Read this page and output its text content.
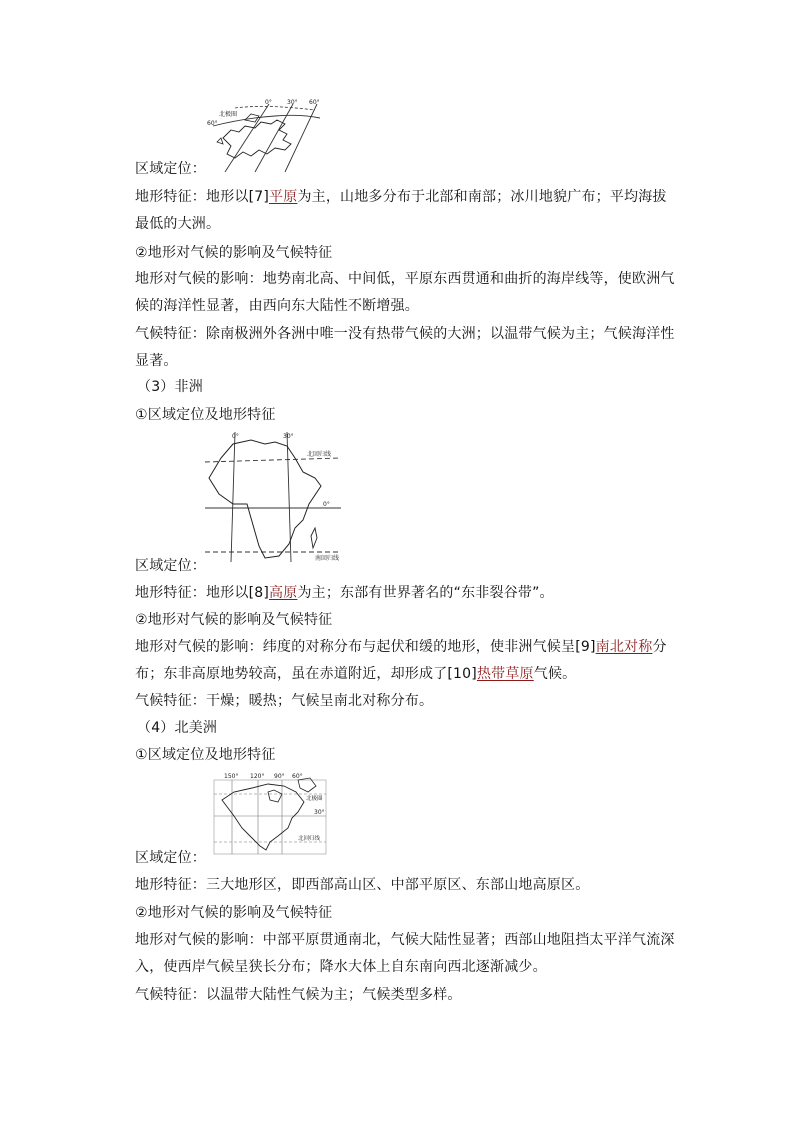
0°	30° 60°
60°
北极圈

区域定位：

地形特征：地形以[7]平原为主，山地多分布于北部和南部；冰川地貌广布；平均海拔最低的大洲。

②地形对气候的影响及气候特征

地形对气候的影响：地势南北高、中间低，平原东西贯通和曲折的海岸线等，使欧洲气候的海洋性显著，由西向东大陆性不断增强。

气候特征：除南极洲外各洲中唯一没有热带气候的大洲；以温带气候为主；气候海洋性显著。

（3）非洲

①区域定位及地形特征

0°	30°
北回归线
0°
南回归线

区域定位：

地形特征：地形以[8]高原为主；东部有世界著名的“东非裂谷带”。

②地形对气候的影响及气候特征

地形对气候的影响：纬度的对称分布与起伏和缓的地形，使非洲气候呈[9]南北对称分布；东非高原地势较高，虽在赤道附近，却形成了[10]热带草原气候。

气候特征：干燥；暖热；气候呈南北对称分布。

（4）北美洲

①区域定位及地形特征

150° 120° 90° 60°
北极圈
30°
北回归线

区域定位：

地形特征：三大地形区，即西部高山区、中部平原区、东部山地高原区。

②地形对气候的影响及气候特征

地形对气候的影响：中部平原贯通南北，气候大陆性显著；西部山地阻挡太平洋气流深入，使西岸气候呈狭长分布；降水大体上自东南向西北逐渐减少。

气候特征：以温带大陆性气候为主；气候类型多样。
